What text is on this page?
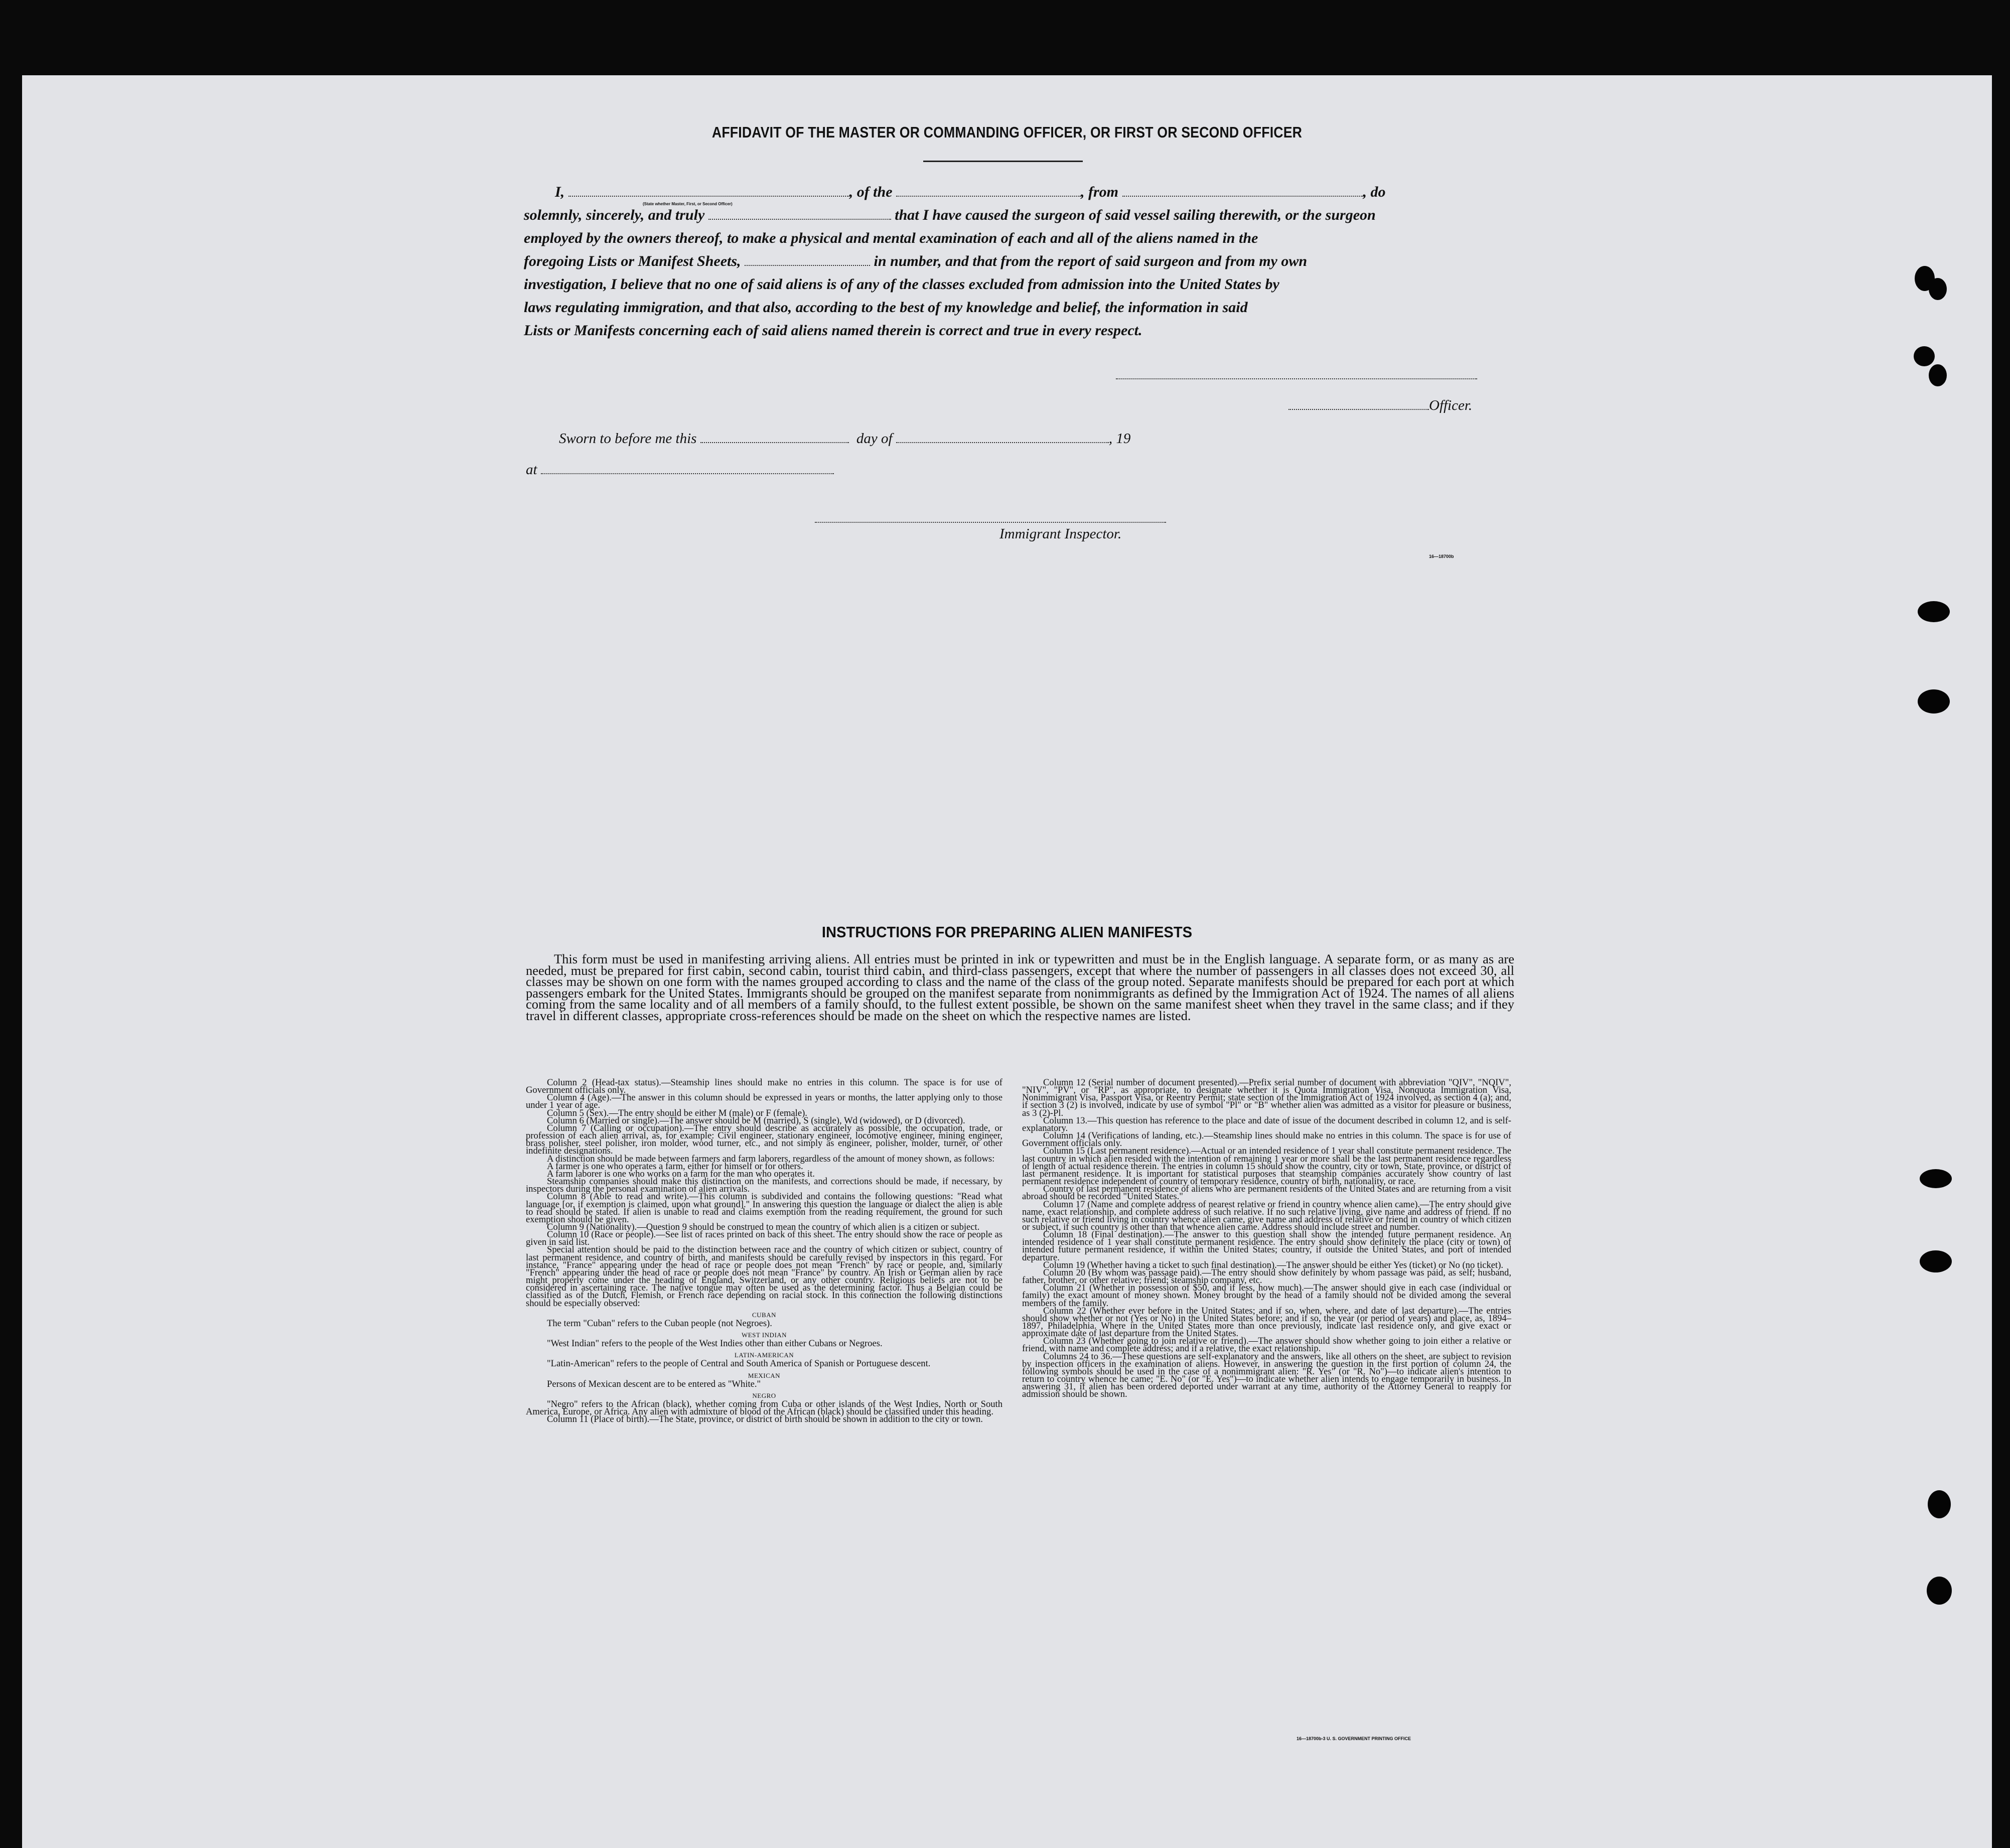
AFFIDAVIT OF THE MASTER OR COMMANDING OFFICER, OR FIRST OR SECOND OFFICER
I,	, of the	, from	, do
(State whether Master, First, or Second Officer)
solemnly, sincerely, and truly	that I have caused the surgeon of said vessel sailing therewith, or the surgeon
employed by the owners thereof, to make a physical and mental examination of each and all of the aliens named in the
foregoing Lists or Manifest Sheets,	in number, and that from the report of said surgeon and from my own
investigation, I believe that no one of said aliens is of any of the classes excluded from admission into the United States by
laws regulating immigration, and that also, according to the best of my knowledge and belief, the information in said
Lists or Manifests concerning each of said aliens named therein is correct and true in every respect.
Officer.
Sworn to before me this	day of	, 19
at
Immigrant Inspector.
16—18700b
INSTRUCTIONS FOR PREPARING ALIEN MANIFESTS
This form must be used in manifesting arriving aliens. All entries must be printed in ink or typewritten and must be in the English language. A separate form, or as many as are needed, must be prepared for first cabin, second cabin, tourist third cabin, and third-class passengers, except that where the number of passengers in all classes does not exceed 30, all classes may be shown on one form with the names grouped according to class and the name of the class of the group noted. Separate manifests should be prepared for each port at which passengers embark for the United States. Immigrants should be grouped on the manifest separate from nonimmigrants as defined by the Immigration Act of 1924. The names of all aliens coming from the same locality and of all members of a family should, to the fullest extent possible, be shown on the same manifest sheet when they travel in the same class; and if they travel in different classes, appropriate cross-references should be made on the sheet on which the respective names are listed.

Column 2 (Head-tax status).—Steamship lines should make no entries in this column. The space is for use of Government officials only.

Column 4 (Age).—The answer in this column should be expressed in years or months, the latter applying only to those under 1 year of age.

Column 5 (Sex).—The entry should be either M (male) or F (female).

Column 6 (Married or single).—The answer should be M (married), S (single), Wd (widowed), or D (divorced).

Column 7 (Calling or occupation).—The entry should describe as accurately as possible, the occupation, trade, or profession of each alien arrival, as, for example: Civil engineer, stationary engineer, locomotive engineer, mining engineer, brass polisher, steel polisher, iron molder, wood turner, etc., and not simply as engineer, polisher, molder, turner, or other indefinite designations.

A distinction should be made between farmers and farm laborers, regardless of the amount of money shown, as follows:

A farmer is one who operates a farm, either for himself or for others.

A farm laborer is one who works on a farm for the man who operates it.

Steamship companies should make this distinction on the manifests, and corrections should be made, if necessary, by inspectors during the personal examination of alien arrivals.

Column 8 (Able to read and write).—This column is subdivided and contains the following questions: "Read what language [or, if exemption is claimed, upon what ground]." In answering this question the language or dialect the alien is able to read should be stated. If alien is unable to read and claims exemption from the reading requirement, the ground for such exemption should be given.

Column 9 (Nationality).—Question 9 should be construed to mean the country of which alien is a citizen or subject.

Column 10 (Race or people).—See list of races printed on back of this sheet. The entry should show the race or people as given in said list.

Special attention should be paid to the distinction between race and the country of which citizen or subject, country of last permanent residence, and country of birth, and manifests should be carefully revised by inspectors in this regard. For instance, "France" appearing under the head of race or people does not mean "French" by race or people, and, similarly "French" appearing under the head of race or people does not mean "France" by country. An Irish or German alien by race might properly come under the heading of England, Switzerland, or any other country. Religious beliefs are not to be considered in ascertaining race. The native tongue may often be used as the determining factor. Thus a Belgian could be classified as of the Dutch, Flemish, or French race depending on racial stock. In this connection the following distinctions should be especially observed:

CUBAN

The term "Cuban" refers to the Cuban people (not Negroes).

WEST INDIAN

"West Indian" refers to the people of the West Indies other than either Cubans or Negroes.

LATIN-AMERICAN

"Latin-American" refers to the people of Central and South America of Spanish or Portuguese descent.

MEXICAN

Persons of Mexican descent are to be entered as "White."

NEGRO

"Negro" refers to the African (black), whether coming from Cuba or other islands of the West Indies, North or South America, Europe, or Africa. Any alien with admixture of blood of the African (black) should be classified under this heading.

Column 11 (Place of birth).—The State, province, or district of birth should be shown in addition to the city or town.

Column 12 (Serial number of document presented).—Prefix serial number of document with abbreviation "QIV", "NQIV", "NIV", "PV", or "RP", as appropriate, to designate whether it is Quota Immigration Visa, Nonquota Immigration Visa, Nonimmigrant Visa, Passport Visa, or Reentry Permit; state section of the Immigration Act of 1924 involved, as section 4 (a); and, if section 3 (2) is involved, indicate by use of symbol "Pl" or "B" whether alien was admitted as a visitor for pleasure or business, as 3 (2)-Pl.

Column 13.—This question has reference to the place and date of issue of the document described in column 12, and is self-explanatory.

Column 14 (Verifications of landing, etc.).—Steamship lines should make no entries in this column. The space is for use of Government officials only.

Column 15 (Last permanent residence).—Actual or an intended residence of 1 year shall constitute permanent residence. The last country in which alien resided with the intention of remaining 1 year or more shall be the last permanent residence regardless of length of actual residence therein. The entries in column 15 should show the country, city or town, State, province, or district of last permanent residence. It is important for statistical purposes that steamship companies accurately show country of last permanent residence independent of country of temporary residence, country of birth, nationality, or race.

Country of last permanent residence of aliens who are permanent residents of the United States and are returning from a visit abroad should be recorded "United States."

Column 17 (Name and complete address of nearest relative or friend in country whence alien came).—The entry should give name, exact relationship, and complete address of such relative. If no such relative living, give name and address of friend. If no such relative or friend living in country whence alien came, give name and address of relative or friend in country of which citizen or subject, if such country is other than that whence alien came. Address should include street and number.

Column 18 (Final destination).—The answer to this question shall show the intended future permanent residence. An intended residence of 1 year shall constitute permanent residence. The entry should show definitely the place (city or town) of intended future permanent residence, if within the United States; country, if outside the United States, and port of intended departure.

Column 19 (Whether having a ticket to such final destination).—The answer should be either Yes (ticket) or No (no ticket).

Column 20 (By whom was passage paid).—The entry should show definitely by whom passage was paid, as self; husband, father, brother, or other relative; friend; steamship company, etc.

Column 21 (Whether in possession of $50, and if less, how much).—The answer should give in each case (individual or family) the exact amount of money shown. Money brought by the head of a family should not be divided among the several members of the family.

Column 22 (Whether ever before in the United States; and if so, when, where, and date of last departure).—The entries should show whether or not (Yes or No) in the United States before; and if so, the year (or period of years) and place, as, 1894–1897, Philadelphia. Where in the United States more than once previously, indicate last residence only, and give exact or approximate date of last departure from the United States.

Column 23 (Whether going to join relative or friend).—The answer should show whether going to join either a relative or friend, with name and complete address; and if a relative, the exact relationship.

Columns 24 to 36.—These questions are self-explanatory and the answers, like all others on the sheet, are subject to revision by inspection officers in the examination of aliens. However, in answering the question in the first portion of column 24, the following symbols should be used in the case of a nonimmigrant alien: "R. Yes" (or "R. No")—to indicate alien's intention to return to country whence he came; "E. No" (or "E. Yes")—to indicate whether alien intends to engage temporarily in business. In answering 31, if alien has been ordered deported under warrant at any time, authority of the Attorney General to reapply for admission should be shown.

16—18700b-3 U. S. GOVERNMENT PRINTING OFFICE
